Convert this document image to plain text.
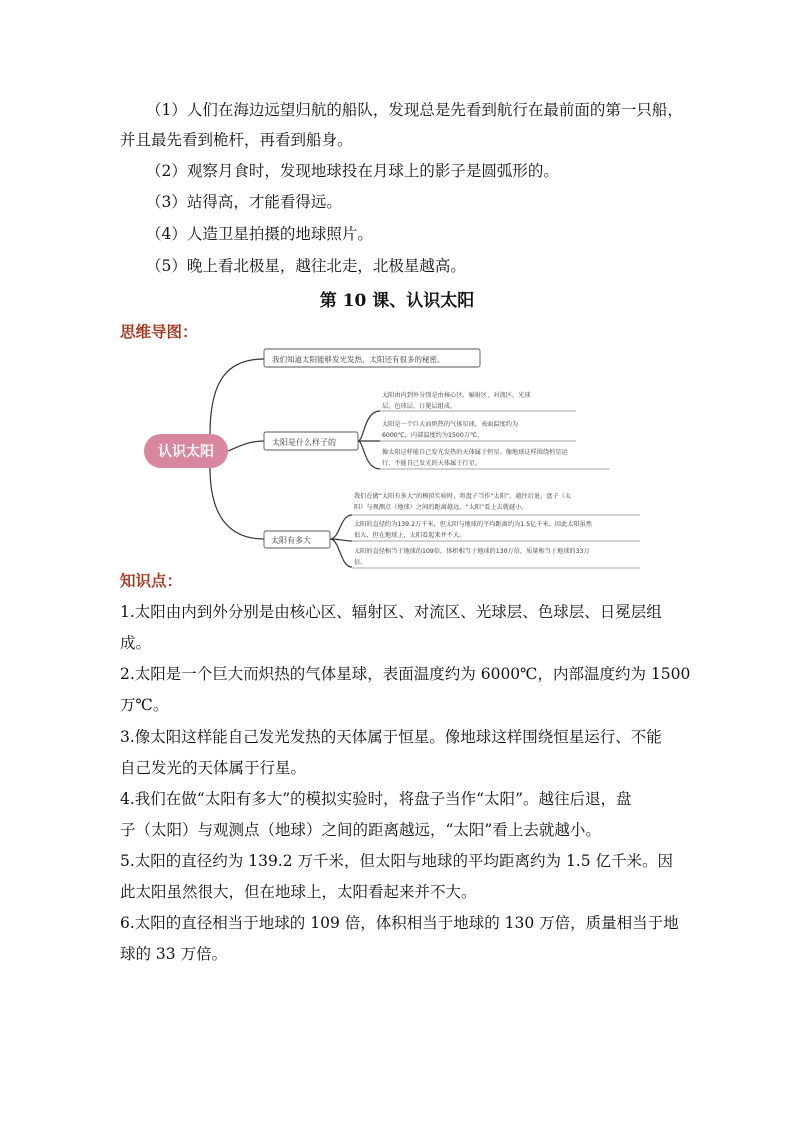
（1）人们在海边远望归航的船队，发现总是先看到航行在最前面的第一只船，
并且最先看到桅杆，再看到船身。
（2）观察月食时，发现地球投在月球上的影子是圆弧形的。
（3）站得高，才能看得远。
（4）人造卫星拍摄的地球照片。
（5）晚上看北极星，越往北走，北极星越高。
第 10 课、认识太阳
思维导图：
我们知道太阳能够发光发热，太阳还有很多的秘密。
认识太阳
太阳是什么样子的
太阳有多大
太阳由内到外分别是由核心区、辐射区、对流区、光球
层、色球层、日冕层组成。
太阳是一个巨大而炽热的气体星球，表面温度约为
6000℃，内部温度约为1500万℃。
像太阳这样能自己发光发热的天体属于恒星。像地球这样围绕恒星运
行、不能自己发光的天体属于行星。
我们在做“太阳有多大”的模拟实验时，将盘子当作“太阳”。越往后退，盘子（太
阳）与观测点（地球）之间的距离越远，“太阳”看上去就越小。
太阳的直径约为139.2万千米，但太阳与地球的平均距离约为1.5亿千米。因此太阳虽然
很大，但在地球上，太阳看起来并不大。
太阳的直径相当于地球的109倍，体积相当于地球的130万倍，质量相当于地球的33万
倍。
知识点：
1.太阳由内到外分别是由核心区、辐射区、对流区、光球层、色球层、日冕层组
成。
2.太阳是一个巨大而炽热的气体星球，表面温度约为 6000℃，内部温度约为 1500
万℃。
3.像太阳这样能自己发光发热的天体属于恒星。像地球这样围绕恒星运行、不能
自己发光的天体属于行星。
4.我们在做“太阳有多大”的模拟实验时，将盘子当作“太阳”。越往后退，盘
子（太阳）与观测点（地球）之间的距离越远，“太阳”看上去就越小。
5.太阳的直径约为 139.2 万千米，但太阳与地球的平均距离约为 1.5 亿千米。因
此太阳虽然很大，但在地球上，太阳看起来并不大。
6.太阳的直径相当于地球的 109 倍，体积相当于地球的 130 万倍，质量相当于地
球的 33 万倍。
